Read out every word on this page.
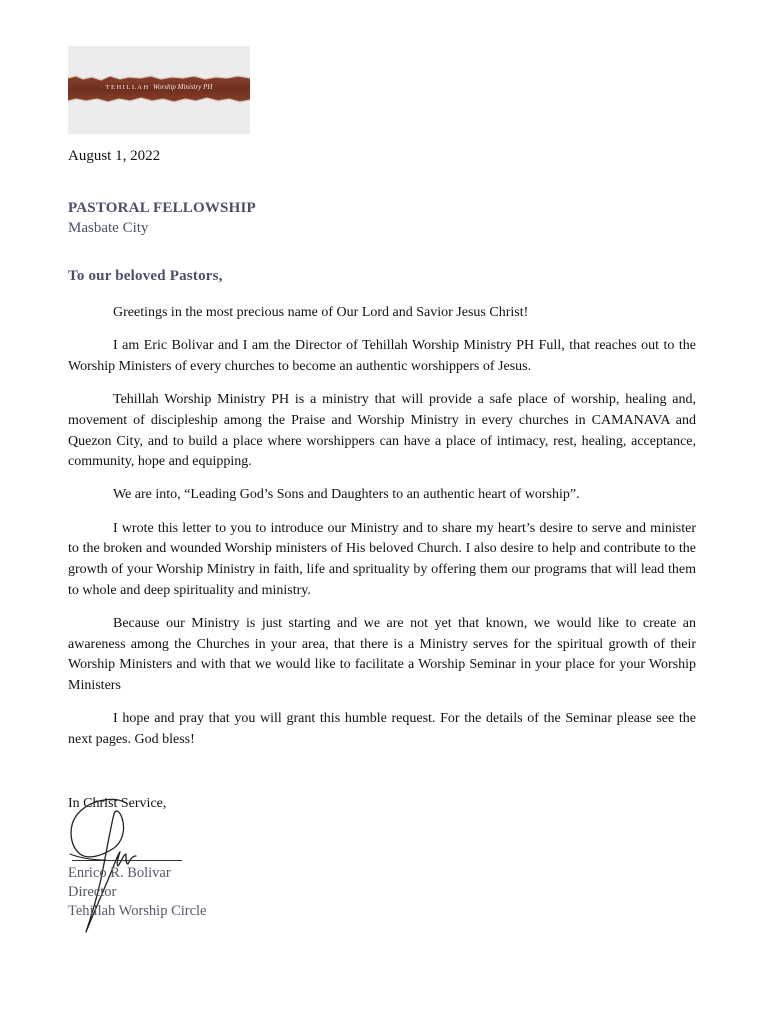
TEHILLAH Worship Ministry PH
August 1, 2022
PASTORAL FELLOWSHIP
Masbate City
To our beloved Pastors,

Greetings in the most precious name of Our Lord and Savior Jesus Christ!

I am Eric Bolivar and I am the Director of Tehillah Worship Ministry PH Full, that reaches out to the Worship Ministers of every churches to become an authentic worshippers of Jesus.

Tehillah Worship Ministry PH is a ministry that will provide a safe place of worship, healing and, movement of discipleship among the Praise and Worship Ministry in every churches in CAMANAVA and Quezon City, and to build a place where worshippers can have a place of intimacy, rest, healing, acceptance, community, hope and equipping.

We are into, “Leading God’s Sons and Daughters to an authentic heart of worship”.

I wrote this letter to you to introduce our Ministry and to share my heart’s desire to serve and minister to the broken and wounded Worship ministers of His beloved Church. I also desire to help and contribute to the growth of your Worship Ministry in faith, life and sprituality by offering them our programs that will lead them to whole and deep spirituality and ministry.

Because our Ministry is just starting and we are not yet that known, we would like to create an awareness among the Churches in your area, that there is a Ministry serves for the spiritual growth of their Worship Ministers and with that we would like to facilitate a Worship Seminar in your place for your Worship Ministers

I hope and pray that you will grant this humble request. For the details of the Seminar please see the next pages. God bless!

In Christ Service,
Enrico R. Bolivar
Director
Tehillah Worship Circle
